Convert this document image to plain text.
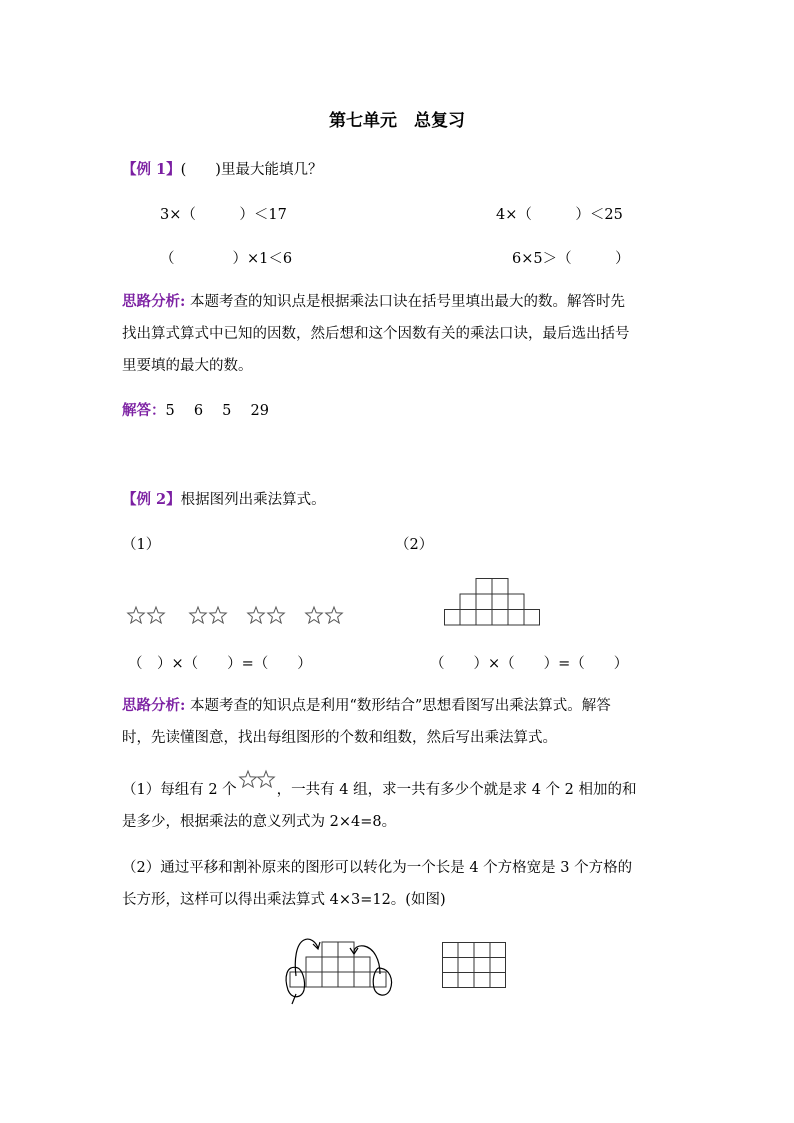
第七单元　总复习
【例 1】(　　)里最大能填几？
3×（　　　）＜17	4×（　　　）＜25
（　　　　）×1＜6	6×5＞（　　　）
思路分析: 本题考查的知识点是根据乘法口诀在括号里填出最大的数。解答时先
找出算式算式中已知的因数，然后想和这个因数有关的乘法口诀，最后选出括号
里要填的最大的数。
解答：5　 6　 5　 29
【例 2】根据图列出乘法算式。
（1）	（2）
（　）×（　　）=（　　）	（　　）×（　　）=（　　）
思路分析: 本题考查的知识点是利用“数形结合”思想看图写出乘法算式。解答
时，先读懂图意，找出每组图形的个数和组数，然后写出乘法算式。
（1）每组有 2 个	，一共有 4 组，求一共有多少个就是求 4 个 2 相加的和
是多少，根据乘法的意义列式为 2×4=8。
（2）通过平移和割补原来的图形可以转化为一个长是 4 个方格宽是 3 个方格的
长方形，这样可以得出乘法算式 4×3=12。(如图)
